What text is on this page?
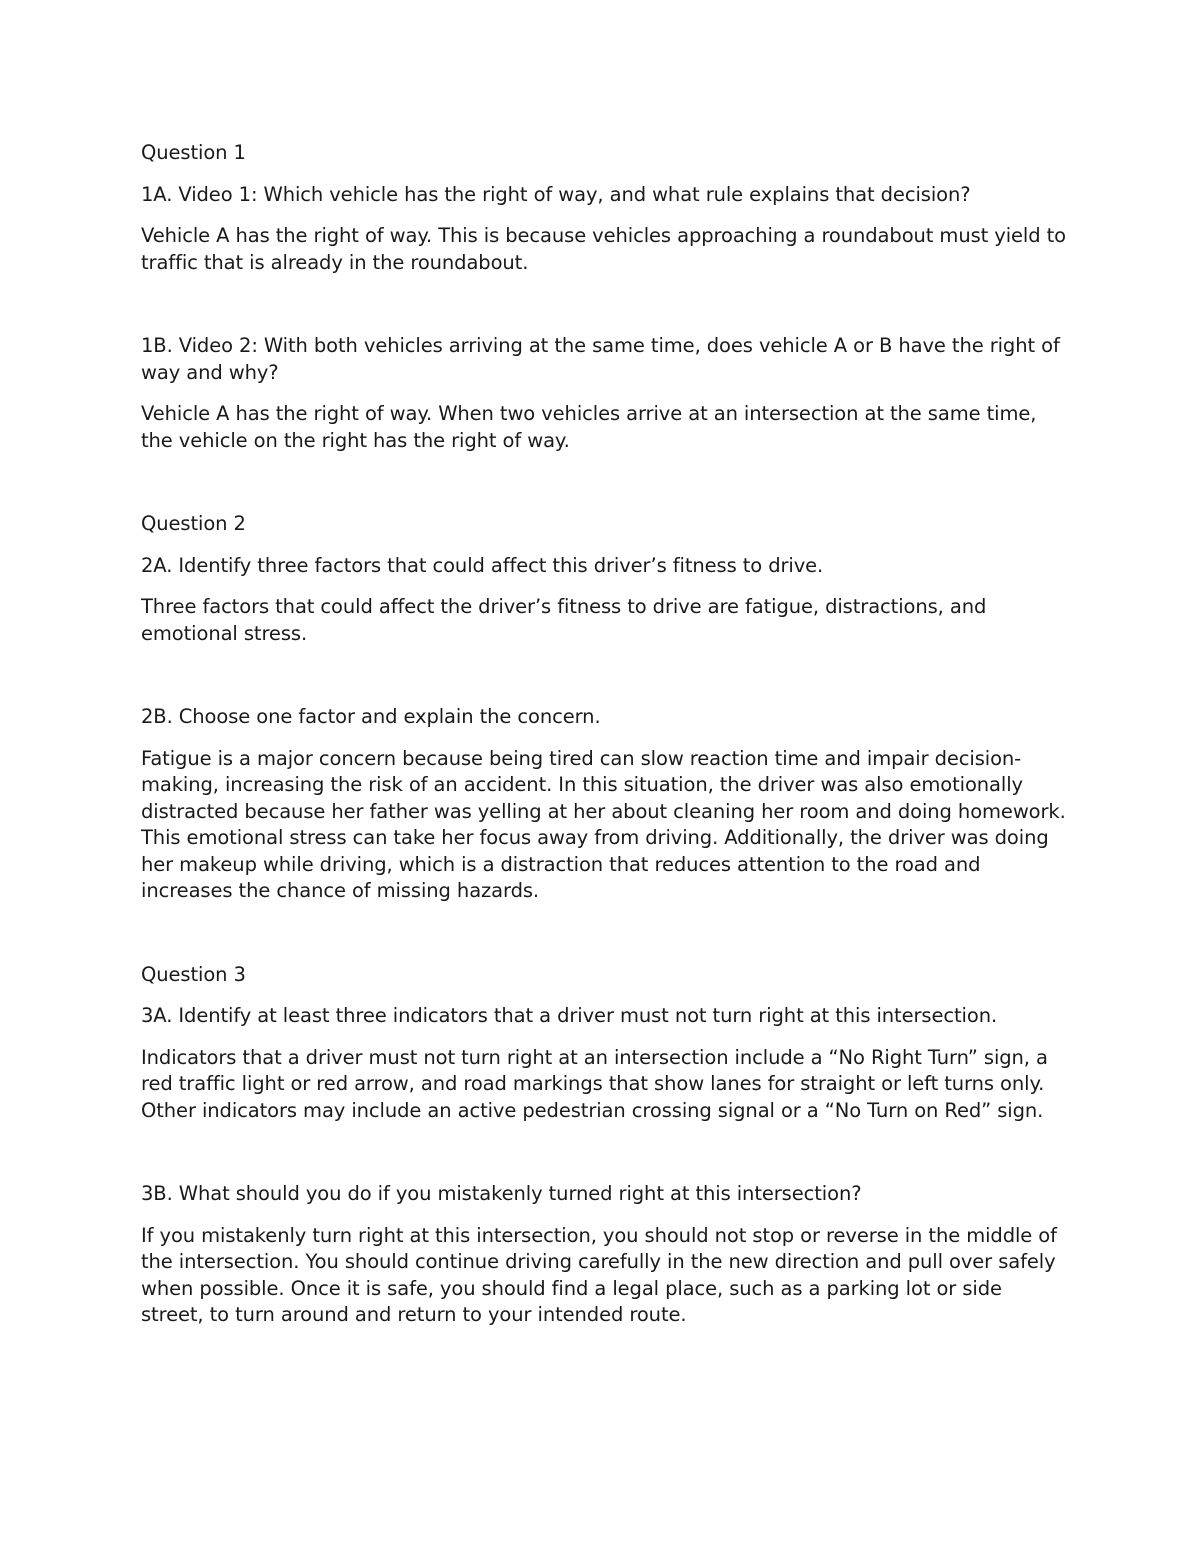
Question 1

1A. Video 1: Which vehicle has the right of way, and what rule explains that decision?

Vehicle A has the right of way. This is because vehicles approaching a roundabout must yield to traffic that is already in the roundabout.

1B. Video 2: With both vehicles arriving at the same time, does vehicle A or B have the right of way and why?

Vehicle A has the right of way. When two vehicles arrive at an intersection at the same time, the vehicle on the right has the right of way.

Question 2

2A. Identify three factors that could affect this driver’s fitness to drive.

Three factors that could affect the driver’s fitness to drive are fatigue, distractions, and emotional stress.

2B. Choose one factor and explain the concern.

Fatigue is a major concern because being tired can slow reaction time and impair decision-making, increasing the risk of an accident. In this situation, the driver was also emotionally distracted because her father was yelling at her about cleaning her room and doing homework. This emotional stress can take her focus away from driving. Additionally, the driver was doing her makeup while driving, which is a distraction that reduces attention to the road and increases the chance of missing hazards.

Question 3

3A. Identify at least three indicators that a driver must not turn right at this intersection.

Indicators that a driver must not turn right at an intersection include a “No Right Turn” sign, a red traffic light or red arrow, and road markings that show lanes for straight or left turns only. Other indicators may include an active pedestrian crossing signal or a “No Turn on Red” sign.

3B. What should you do if you mistakenly turned right at this intersection?

If you mistakenly turn right at this intersection, you should not stop or reverse in the middle of the intersection. You should continue driving carefully in the new direction and pull over safely when possible. Once it is safe, you should find a legal place, such as a parking lot or side street, to turn around and return to your intended route.
